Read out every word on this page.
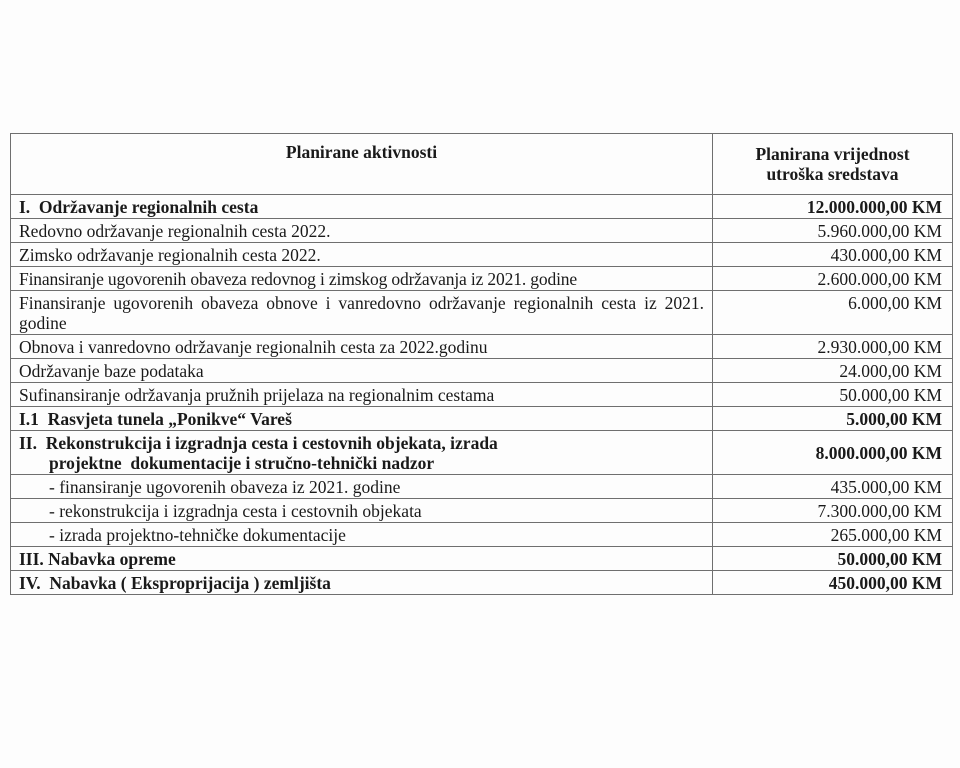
Planirane aktivnosti	Planirana vrijednost
utroška sredstava

I.  Održavanje regionalnih cesta	12.000.000,00 KM
Redovno održavanje regionalnih cesta 2022.	5.960.000,00 KM
Zimsko održavanje regionalnih cesta 2022.	430.000,00 KM
Finansiranje ugovorenih obaveza redovnog i zimskog održavanja iz 2021. godine	2.600.000,00 KM
Finansiranje ugovorenih obaveza obnove i vanredovno održavanje regionalnih cesta iz 2021. godine	6.000,00 KM
Obnova i vanredovno održavanje regionalnih cesta za 2022.godinu	2.930.000,00 KM
Održavanje baze podataka	24.000,00 KM
Sufinansiranje održavanja pružnih prijelaza na regionalnim cestama	50.000,00 KM
I.1  Rasvjeta tunela „Ponikve“ Vareš	5.000,00 KM

II.  Rekonstrukcija i izgradnja cesta i cestovnih objekata, izrada
projektne  dokumentacije i stručno-tehnički nadzor	8.000.000,00 KM
- finansiranje ugovorenih obaveza iz 2021. godine	435.000,00 KM
- rekonstrukcija i izgradnja cesta i cestovnih objekata	7.300.000,00 KM
- izrada projektno-tehničke dokumentacije	265.000,00 KM
III. Nabavka opreme	50.000,00 KM
IV.  Nabavka ( Eksproprijacija ) zemljišta	450.000,00 KM
